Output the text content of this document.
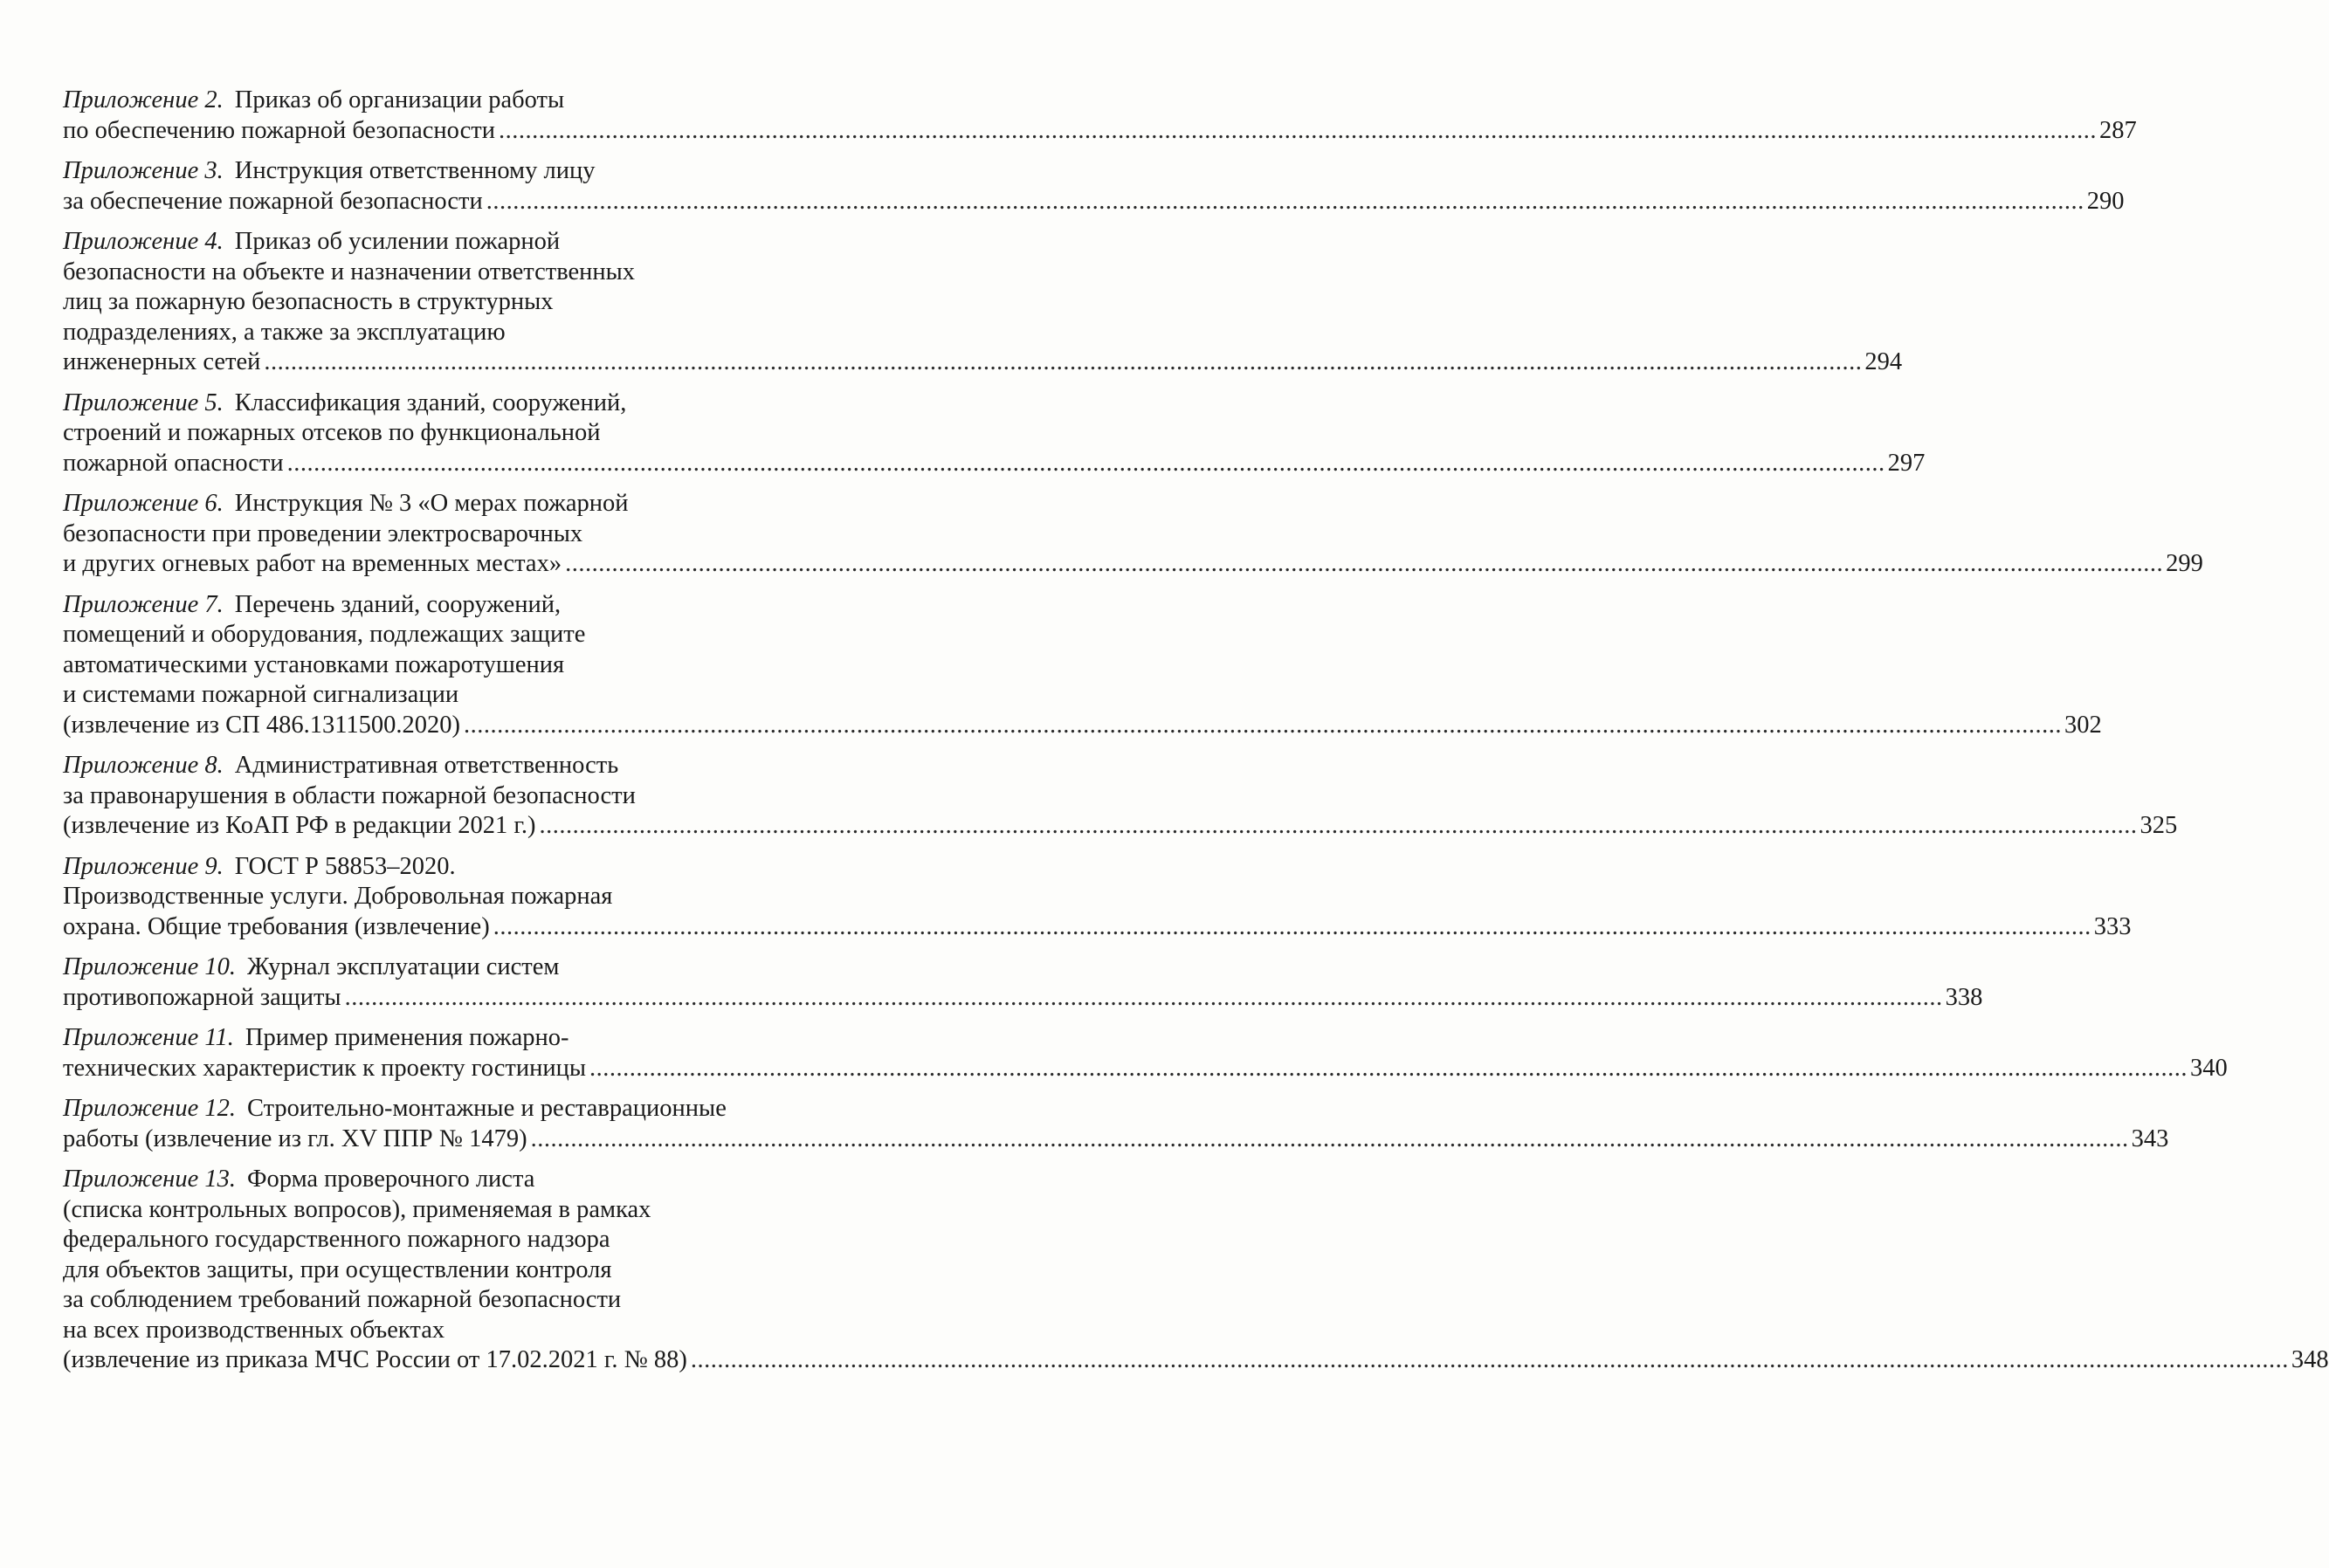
Приложение 2. Приказ об организации работы
по обеспечению пожарной безопасности ................................................................................................................................................................................................................................................ 287
Приложение 3. Инструкция ответственному лицу
за обеспечение пожарной безопасности ................................................................................................................................................................................................................................................ 290
Приложение 4. Приказ об усилении пожарной
безопасности на объекте и назначении ответственных
лиц за пожарную безопасность в структурных
подразделениях, а также за эксплуатацию
инженерных сетей ................................................................................................................................................................................................................................................ 294
Приложение 5. Классификация зданий, сооружений,
строений и пожарных отсеков по функциональной
пожарной опасности ................................................................................................................................................................................................................................................ 297
Приложение 6. Инструкция № 3 «О мерах пожарной
безопасности при проведении электросварочных
и других огневых работ на временных местах» ................................................................................................................................................................................................................................................ 299
Приложение 7. Перечень зданий, сооружений,
помещений и оборудования, подлежащих защите
автоматическими установками пожаротушения
и системами пожарной сигнализации
(извлечение из СП 486.1311500.2020) ................................................................................................................................................................................................................................................ 302
Приложение 8. Административная ответственность
за правонарушения в области пожарной безопасности
(извлечение из КоАП РФ в редакции 2021 г.) ................................................................................................................................................................................................................................................ 325
Приложение 9. ГОСТ Р 58853–2020.
Производственные услуги. Добровольная пожарная
охрана. Общие требования (извлечение) ................................................................................................................................................................................................................................................ 333
Приложение 10. Журнал эксплуатации систем
противопожарной защиты ................................................................................................................................................................................................................................................ 338
Приложение 11. Пример применения пожарно-
технических характеристик к проекту гостиницы ................................................................................................................................................................................................................................................ 340
Приложение 12. Строительно-монтажные и реставрационные
работы (извлечение из гл. XV ППР № 1479) ................................................................................................................................................................................................................................................ 343
Приложение 13. Форма проверочного листа
(списка контрольных вопросов), применяемая в рамках
федерального государственного пожарного надзора
для объектов защиты, при осуществлении контроля
за соблюдением требований пожарной безопасности
на всех производственных объектах
(извлечение из приказа МЧС России от 17.02.2021 г. № 88) ................................................................................................................................................................................................................................................ 348
